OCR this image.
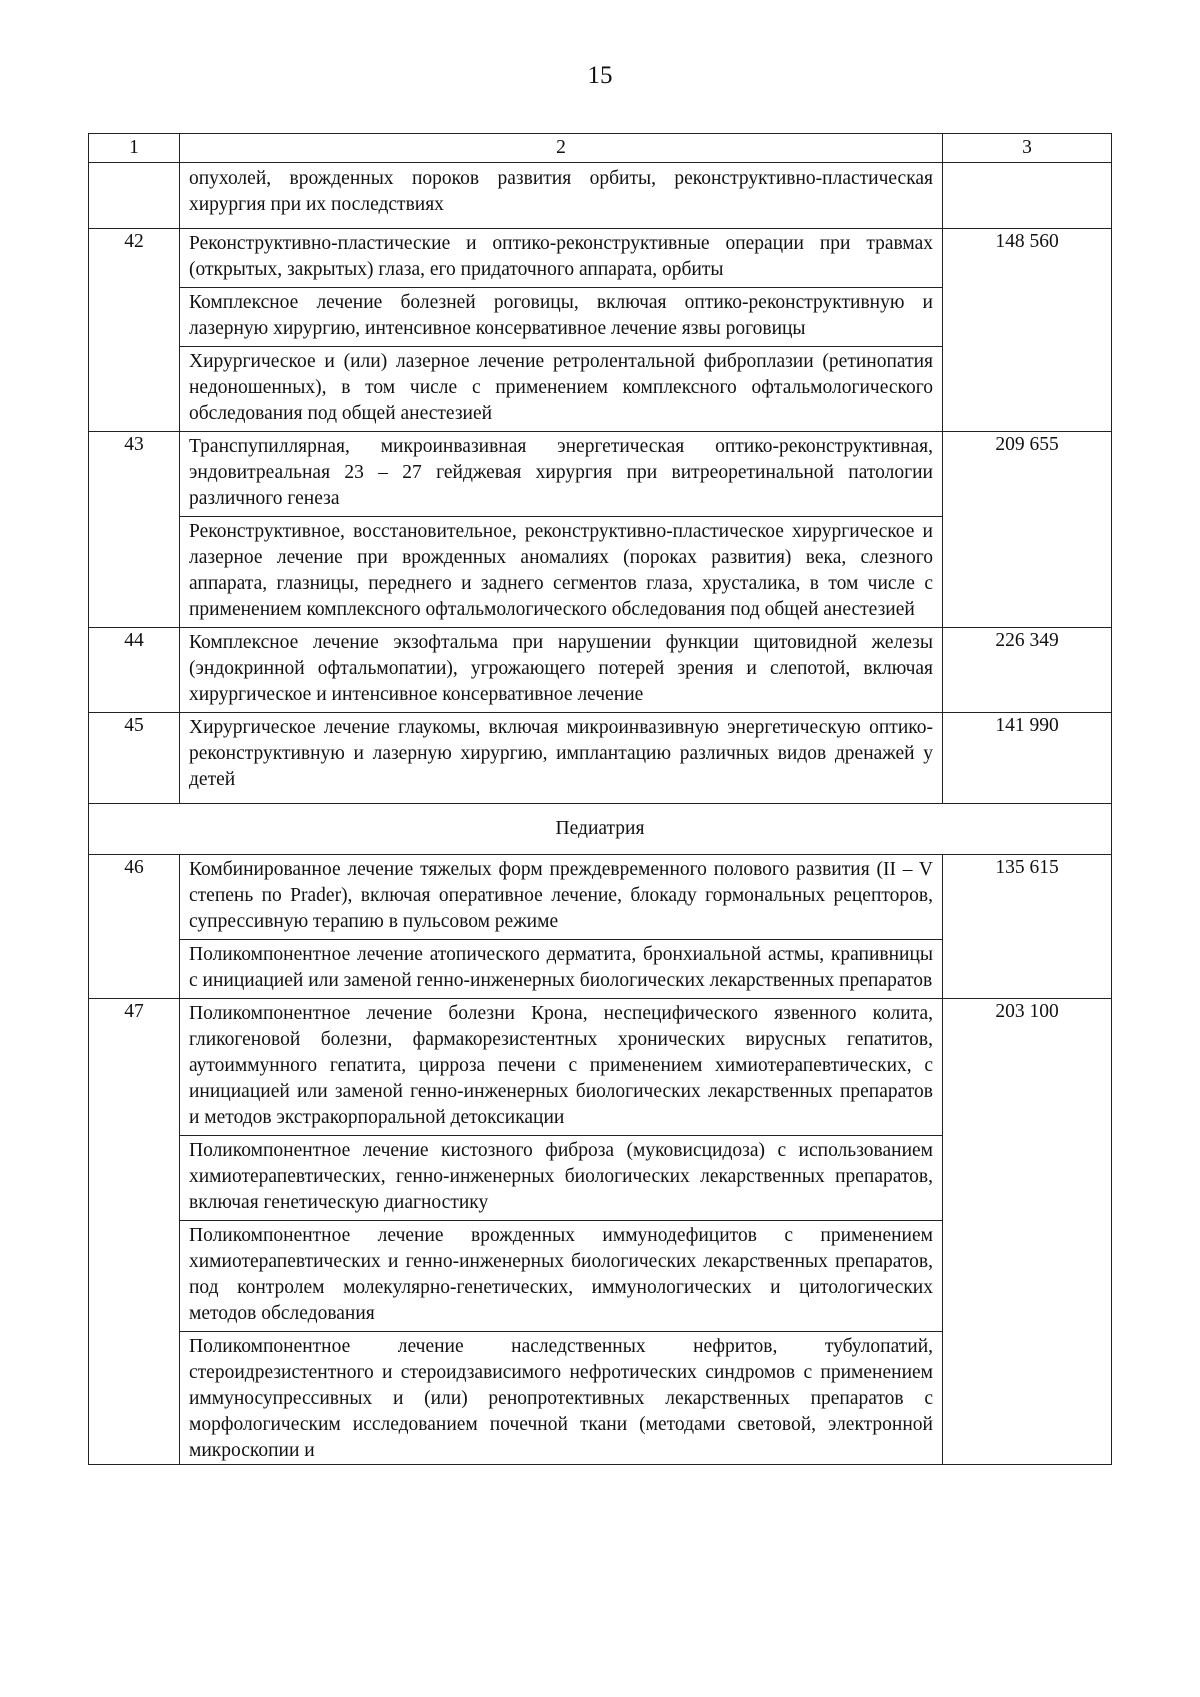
15
1	2	3

	опухолей, врожденных пороков развития орбиты, реконструктивно-пластическая хирургия при их последствиях	

42	Реконструктивно-пластические и оптико-реконструктивные операции при травмах (открытых, закрытых) глаза, его придаточного аппарата, орбиты
Комплексное лечение болезней роговицы, включая оптико-реконструктивную и лазерную хирургию, интенсивное консервативное лечение язвы роговицы
Хирургическое и (или) лазерное лечение ретролентальной фиброплазии (ретинопатия недоношенных), в том числе с применением комплексного офтальмологического обследования под общей анестезией	148 560
43	Транспупиллярная, микроинвазивная энергетическая оптико-реконструктивная, эндовитреальная 23 – 27 гейджевая хирургия при витреоретинальной патологии различного генеза
Реконструктивное, восстановительное, реконструктивно-пластическое хирургическое и лазерное лечение при врожденных аномалиях (пороках развития) века, слезного аппарата, глазницы, переднего и заднего сегментов глаза, хрусталика, в том числе с применением комплексного офтальмологического обследования под общей анестезией	209 655
44	Комплексное лечение экзофтальма при нарушении функции щитовидной железы (эндокринной офтальмопатии), угрожающего потерей зрения и слепотой, включая хирургическое и интенсивное консервативное лечение	226 349
45	Хирургическое лечение глаукомы, включая микроинвазивную энергетическую оптико-реконструктивную и лазерную хирургию, имплантацию различных видов дренажей у детей	141 990
Педиатрия		
46	Комбинированное лечение тяжелых форм преждевременного полового развития (II – V степень по Prader), включая оперативное лечение, блокаду гормональных рецепторов, супрессивную терапию в пульсовом режиме
Поликомпонентное лечение атопического дерматита, бронхиальной астмы, крапивницы с инициацией или заменой генно-инженерных биологических лекарственных препаратов	135 615
47	Поликомпонентное лечение болезни Крона, неспецифического язвенного колита, гликогеновой болезни, фармакорезистентных хронических вирусных гепатитов, аутоиммунного гепатита, цирроза печени с применением химиотерапевтических, с инициацией или заменой генно-инженерных биологических лекарственных препаратов и методов экстракорпоральной детоксикации
Поликомпонентное лечение кистозного фиброза (муковисцидоза) с использованием химиотерапевтических, генно-инженерных биологических лекарственных препаратов, включая генетическую диагностику
Поликомпонентное лечение врожденных иммунодефицитов с применением химиотерапевтических и генно-инженерных биологических лекарственных препаратов, под контролем молекулярно-генетических, иммунологических и цитологических методов обследования
Поликомпонентное лечение наследственных нефритов, тубулопатий, стероидрезистентного и стероидзависимого нефротических синдромов с применением иммуносупрессивных и (или) ренопротективных лекарственных препаратов с морфологическим исследованием почечной ткани (методами световой, электронной микроскопии и	203 100
